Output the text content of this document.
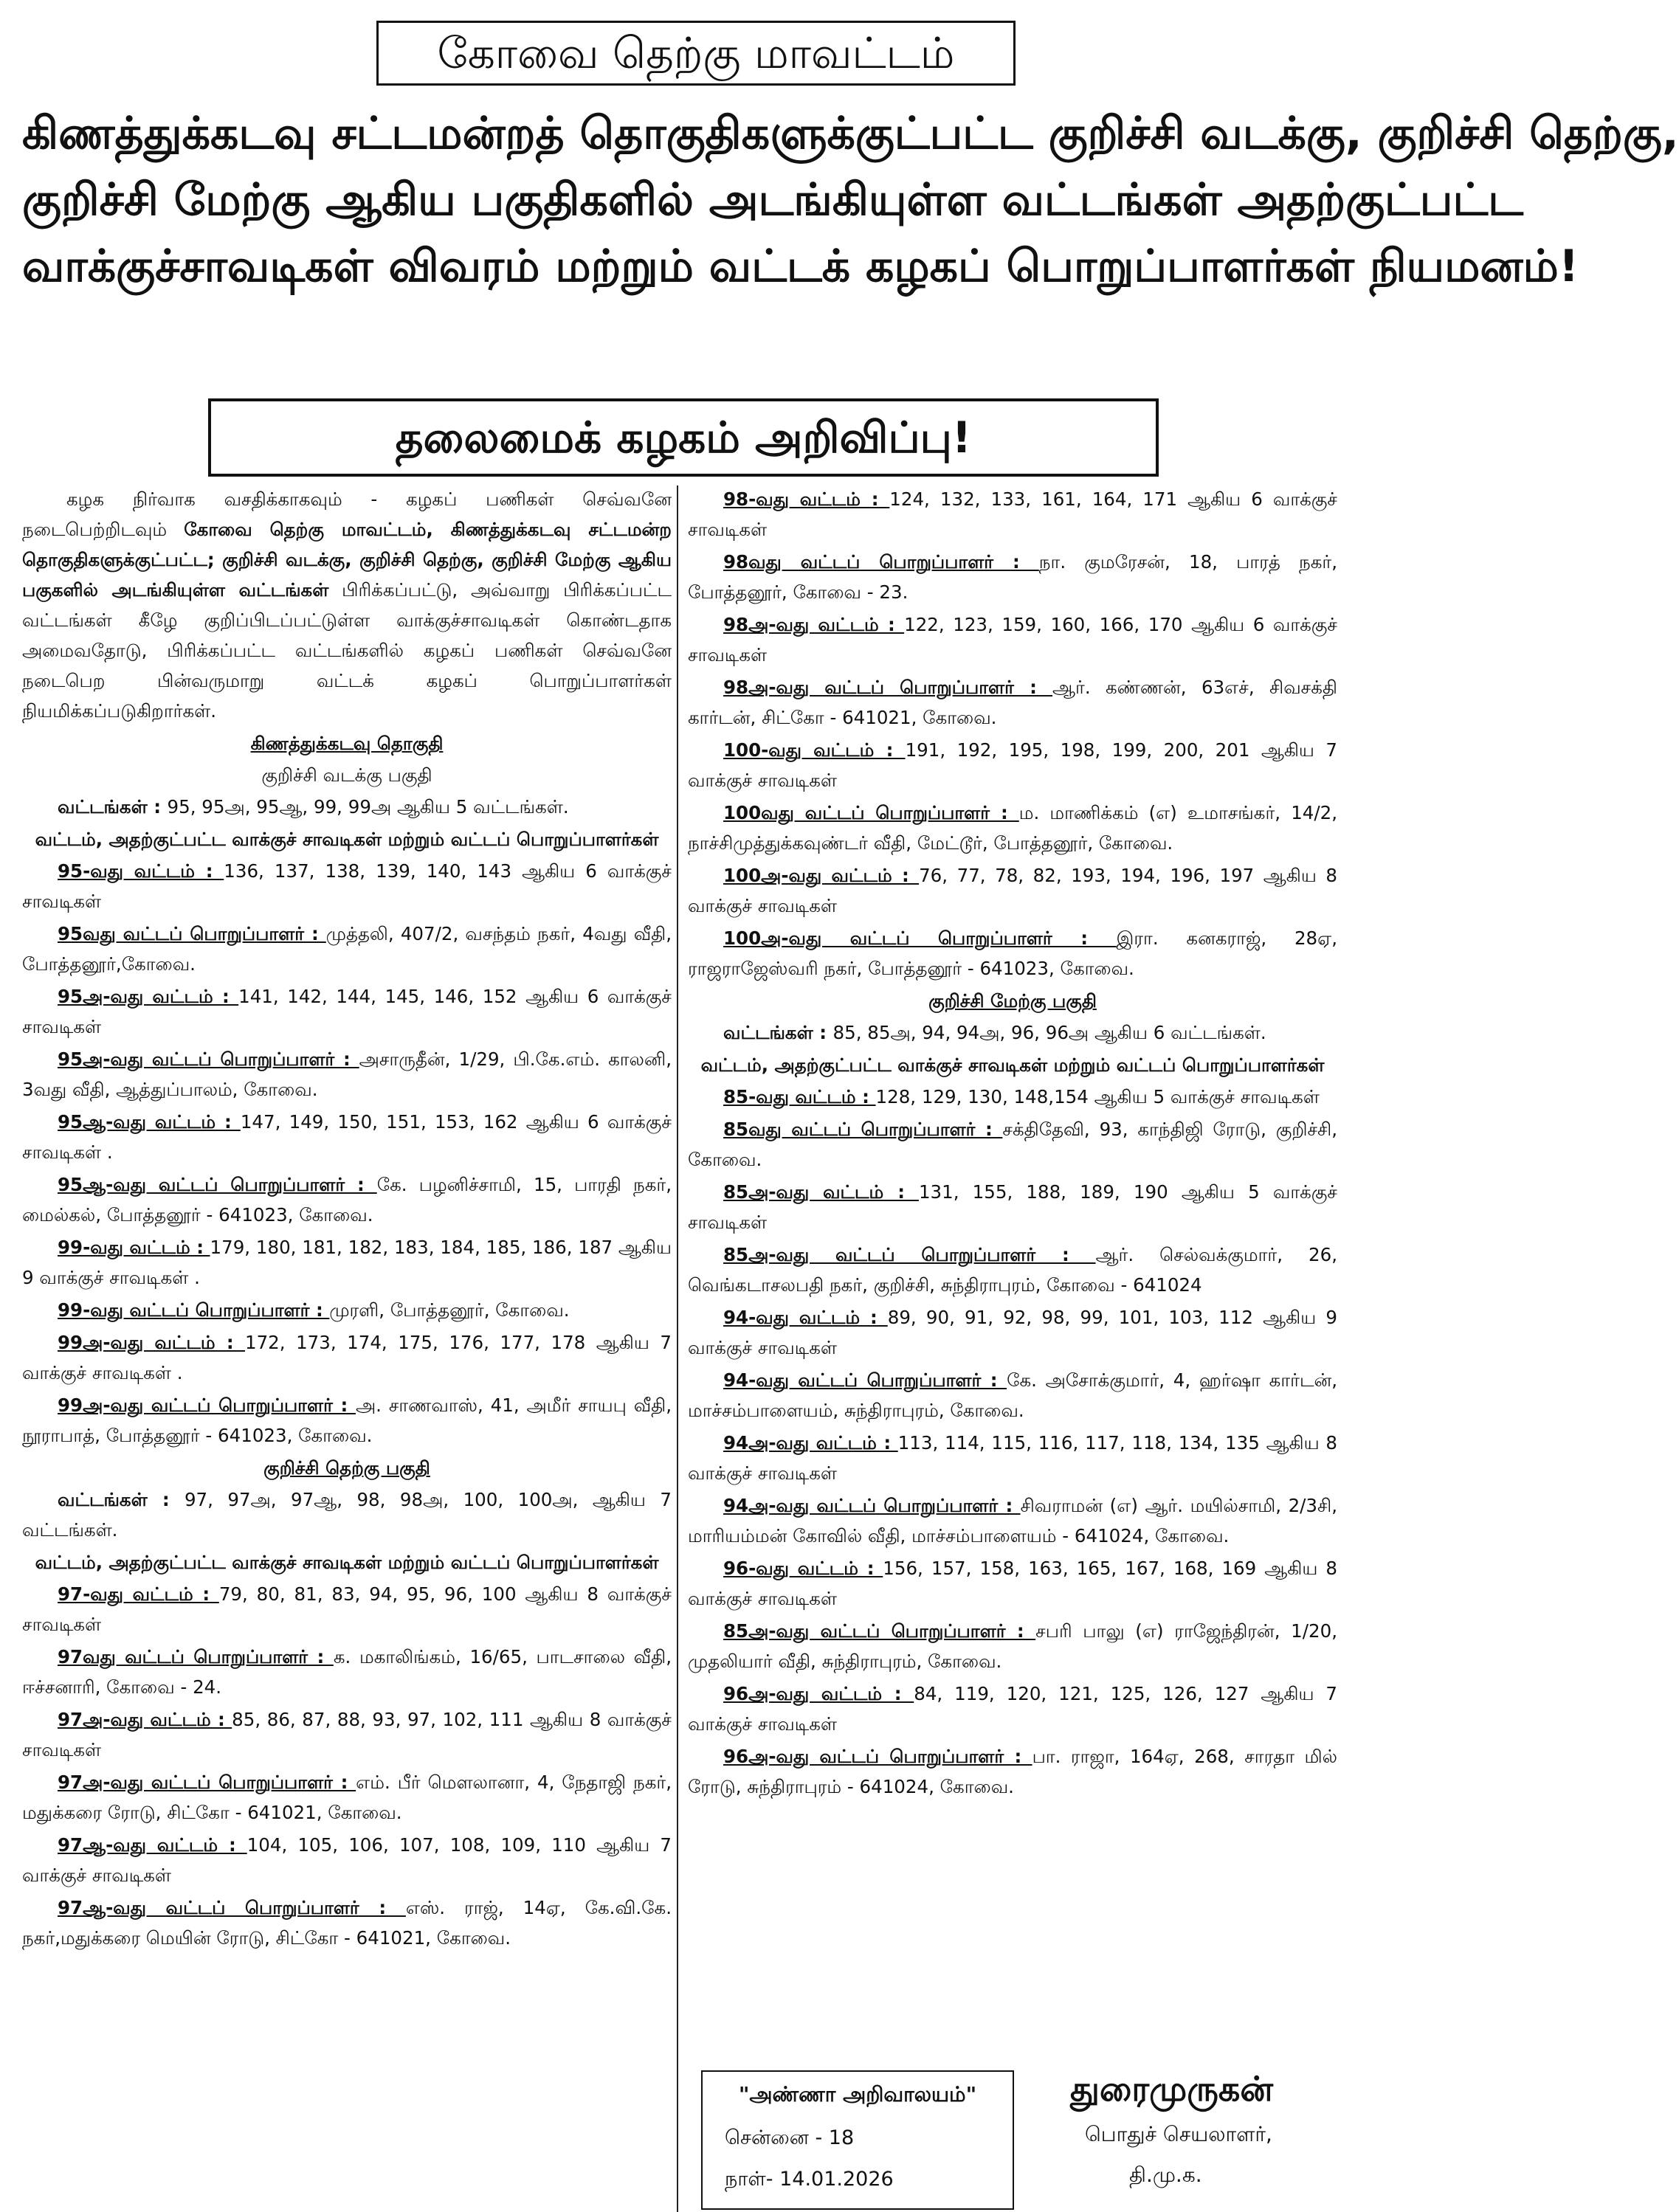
கோவை தெற்கு மாவட்டம்
கிணத்துக்கடவு சட்டமன்றத் தொகுதிகளுக்குட்பட்ட குறிச்சி வடக்கு, குறிச்சி தெற்கு,
குறிச்சி மேற்கு ஆகிய பகுதிகளில் அடங்கியுள்ள வட்டங்கள் அதற்குட்பட்ட
வாக்குச்சாவடிகள் விவரம் மற்றும் வட்டக் கழகப் பொறுப்பாளர்கள் நியமனம்!
தலைமைக் கழகம் அறிவிப்பு!

கழக நிர்வாக வசதிக்காகவும் - கழகப் பணிகள் செவ்வனே நடைபெற்றிடவும் கோவை தெற்கு மாவட்டம், கிணத்துக்கடவு சட்டமன்ற தொகுதிகளுக்குட்பட்ட; குறிச்சி வடக்கு, குறிச்சி தெற்கு, குறிச்சி மேற்கு ஆகிய பகுகளில் அடங்கியுள்ள வட்டங்கள் பிரிக்கப்பட்டு, அவ்வாறு பிரிக்கப்பட்ட வட்டங்கள் கீழே குறிப்பிடப்பட்டுள்ள வாக்குச்சாவடிகள் கொண்டதாக அமைவதோடு, பிரிக்கப்பட்ட வட்டங்களில் கழகப் பணிகள் செவ்வனே நடைபெற பின்வருமாறு வட்டக் கழகப் பொறுப்பாளர்கள் நியமிக்கப்படுகிறார்கள்.

கிணத்துக்கடவு தொகுதி
குறிச்சி வடக்கு பகுதி

வட்டங்கள் : 95, 95அ, 95ஆ, 99, 99அ ஆகிய 5 வட்டங்கள்.

வட்டம், அதற்குட்பட்ட வாக்குச் சாவடிகள் மற்றும் வட்டப் பொறுப்பாளர்கள்

95-வது வட்டம் : 136, 137, 138, 139, 140, 143 ஆகிய 6 வாக்குச் சாவடிகள்

95வது வட்டப் பொறுப்பாளர் : முத்தலி, 407/2, வசந்தம் நகர், 4வது வீதி, போத்தனூர்,கோவை.

95அ-வது வட்டம் : 141, 142, 144, 145, 146, 152 ஆகிய 6 வாக்குச் சாவடிகள்

95அ-வது வட்டப் பொறுப்பாளர் : அசாருதீன், 1/29, பி.கே.எம். காலனி, 3வது வீதி, ஆத்துப்பாலம், கோவை.

95ஆ-வது வட்டம் : 147, 149, 150, 151, 153, 162 ஆகிய 6 வாக்குச் சாவடிகள் .

95ஆ-வது வட்டப் பொறுப்பாளர் : கே. பழனிச்சாமி, 15, பாரதி நகர், மைல்கல், போத்தனூர் - 641023, கோவை.

99-வது வட்டம் : 179, 180, 181, 182, 183, 184, 185, 186, 187 ஆகிய 9 வாக்குச் சாவடிகள் .

99-வது வட்டப் பொறுப்பாளர் : முரளி, போத்தனூர், கோவை.

99அ-வது வட்டம் : 172, 173, 174, 175, 176, 177, 178 ஆகிய 7 வாக்குச் சாவடிகள் .

99அ-வது வட்டப் பொறுப்பாளர் : அ. சாணவாஸ், 41, அமீர் சாயபு வீதி, நூராபாத், போத்தனூர் - 641023, கோவை.

குறிச்சி தெற்கு பகுதி

வட்டங்கள் : 97, 97அ, 97ஆ, 98, 98அ, 100, 100அ, ஆகிய 7 வட்டங்கள்.

வட்டம், அதற்குட்பட்ட வாக்குச் சாவடிகள் மற்றும் வட்டப் பொறுப்பாளர்கள்

97-வது வட்டம் : 79, 80, 81, 83, 94, 95, 96, 100 ஆகிய 8 வாக்குச் சாவடிகள்

97வது வட்டப் பொறுப்பாளர் : க. மகாலிங்கம், 16/65, பாடசாலை வீதி, ஈச்சனாரி, கோவை - 24.

97அ-வது வட்டம் : 85, 86, 87, 88, 93, 97, 102, 111 ஆகிய 8 வாக்குச் சாவடிகள்

97அ-வது வட்டப் பொறுப்பாளர் : எம். பீர் மௌலானா, 4, நேதாஜி நகர், மதுக்கரை ரோடு, சிட்கோ - 641021, கோவை.

97ஆ-வது வட்டம் : 104, 105, 106, 107, 108, 109, 110 ஆகிய 7 வாக்குச் சாவடிகள்

97ஆ-வது வட்டப் பொறுப்பாளர் : எஸ். ராஜ், 14ஏ, கே.வி.கே. நகர்,மதுக்கரை மெயின் ரோடு, சிட்கோ - 641021, கோவை.

98-வது வட்டம் : 124, 132, 133, 161, 164, 171 ஆகிய 6 வாக்குச் சாவடிகள்

98வது வட்டப் பொறுப்பாளர் : நா. குமரேசன், 18, பாரத் நகர், போத்தனூர், கோவை - 23.

98அ-வது வட்டம் : 122, 123, 159, 160, 166, 170 ஆகிய 6 வாக்குச் சாவடிகள்

98அ-வது வட்டப் பொறுப்பாளர் : ஆர். கண்ணன், 63எச், சிவசக்தி கார்டன், சிட்கோ - 641021, கோவை.

100-வது வட்டம் : 191, 192, 195, 198, 199, 200, 201 ஆகிய 7 வாக்குச் சாவடிகள்

100வது வட்டப் பொறுப்பாளர் : ம. மாணிக்கம் (எ) உமாசங்கர், 14/2, நாச்சிமுத்துக்கவுண்டர் வீதி, மேட்டூர், போத்தனூர், கோவை.

100அ-வது வட்டம் : 76, 77, 78, 82, 193, 194, 196, 197 ஆகிய 8 வாக்குச் சாவடிகள்

100அ-வது வட்டப் பொறுப்பாளர் : இரா. கனகராஜ், 28ஏ, ராஜராஜேஸ்வரி நகர், போத்தனூர் - 641023, கோவை.

குறிச்சி மேற்கு பகுதி

வட்டங்கள் : 85, 85அ, 94, 94அ, 96, 96அ ஆகிய 6 வட்டங்கள்.

வட்டம், அதற்குட்பட்ட வாக்குச் சாவடிகள் மற்றும் வட்டப் பொறுப்பாளர்கள்

85-வது வட்டம் : 128, 129, 130, 148,154 ஆகிய 5 வாக்குச் சாவடிகள்

85வது வட்டப் பொறுப்பாளர் : சக்திதேவி, 93, காந்திஜி ரோடு, குறிச்சி, கோவை.

85அ-வது வட்டம் : 131, 155, 188, 189, 190 ஆகிய 5 வாக்குச் சாவடிகள்

85அ-வது வட்டப் பொறுப்பாளர் : ஆர். செல்வக்குமார், 26, வெங்கடாசலபதி நகர், குறிச்சி, சுந்திராபுரம், கோவை - 641024

94-வது வட்டம் : 89, 90, 91, 92, 98, 99, 101, 103, 112 ஆகிய 9 வாக்குச் சாவடிகள்

94-வது வட்டப் பொறுப்பாளர் : கே. அசோக்குமார், 4, ஹர்ஷா கார்டன், மாச்சம்பாளையம், சுந்திராபுரம், கோவை.

94அ-வது வட்டம் : 113, 114, 115, 116, 117, 118, 134, 135 ஆகிய 8 வாக்குச் சாவடிகள்

94அ-வது வட்டப் பொறுப்பாளர் : சிவராமன் (எ) ஆர். மயில்சாமி, 2/3சி, மாரியம்மன் கோவில் வீதி, மாச்சம்பாளையம் - 641024, கோவை.

96-வது வட்டம் : 156, 157, 158, 163, 165, 167, 168, 169 ஆகிய 8 வாக்குச் சாவடிகள்

85அ-வது வட்டப் பொறுப்பாளர் : சபரி பாலு (எ) ராஜேந்திரன், 1/20, முதலியார் வீதி, சுந்திராபுரம், கோவை.

96அ-வது வட்டம் : 84, 119, 120, 121, 125, 126, 127 ஆகிய 7 வாக்குச் சாவடிகள்

96அ-வது வட்டப் பொறுப்பாளர் : பா. ராஜா, 164ஏ, 268, சாரதா மில் ரோடு, சுந்திராபுரம் - 641024, கோவை.

"அண்ணா அறிவாலயம்"
சென்னை - 18
நாள்- 14.01.2026
துரைமுருகன்
பொதுச் செயலாளர்,
தி.மு.க.
